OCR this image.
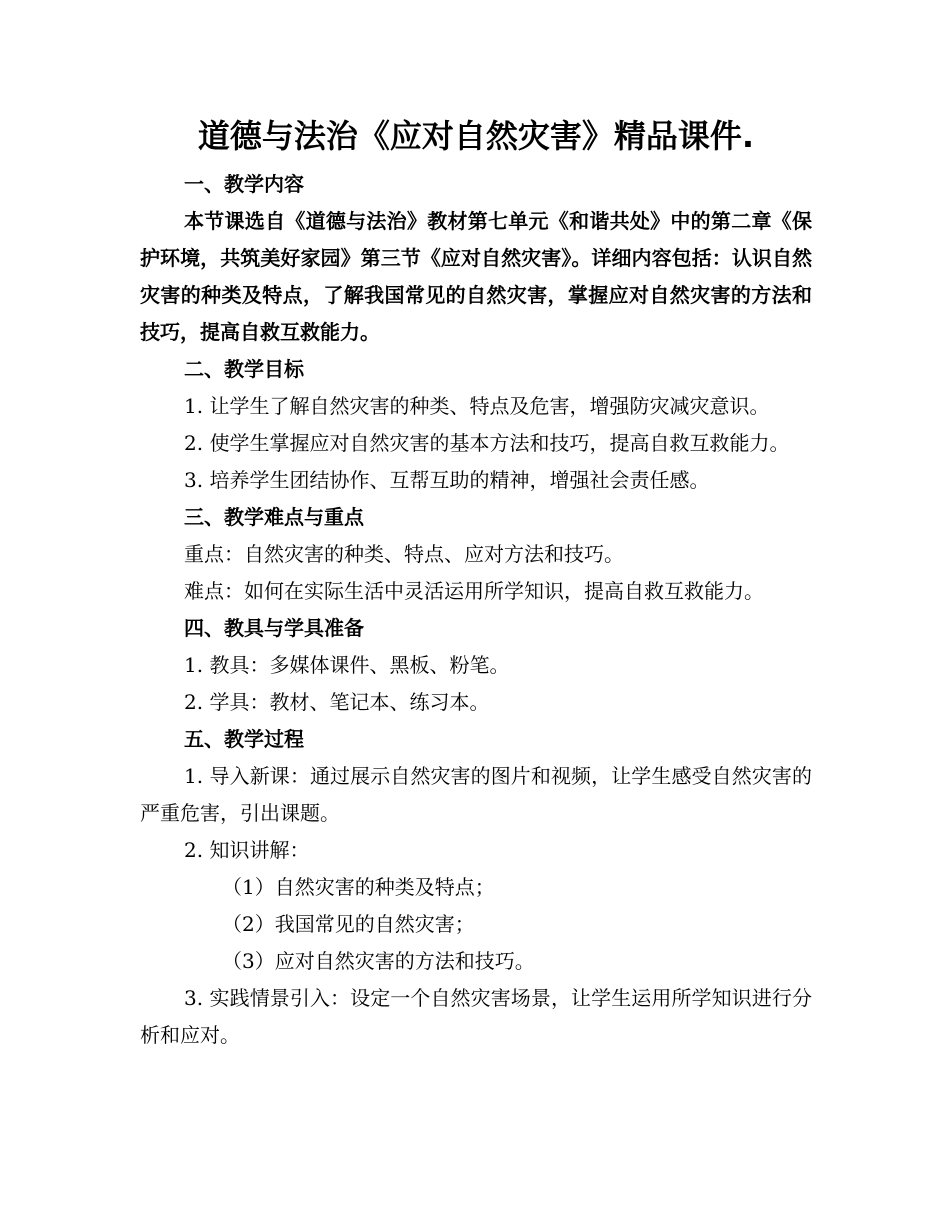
道德与法治《应对自然灾害》精品课件.

一、教学内容

本节课选自《道德与法治》教材第七单元《和谐共处》中的第二章《保护环境，共筑美好家园》第三节《应对自然灾害》。详细内容包括：认识自然灾害的种类及特点，了解我国常见的自然灾害，掌握应对自然灾害的方法和技巧，提高自救互救能力。

二、教学目标

1. 让学生了解自然灾害的种类、特点及危害，增强防灾减灾意识。

2. 使学生掌握应对自然灾害的基本方法和技巧，提高自救互救能力。

3. 培养学生团结协作、互帮互助的精神，增强社会责任感。

三、教学难点与重点

重点：自然灾害的种类、特点、应对方法和技巧。

难点：如何在实际生活中灵活运用所学知识，提高自救互救能力。

四、教具与学具准备

1. 教具：多媒体课件、黑板、粉笔。

2. 学具：教材、笔记本、练习本。

五、教学过程

1. 导入新课：通过展示自然灾害的图片和视频，让学生感受自然灾害的严重危害，引出课题。

2. 知识讲解：

（1）自然灾害的种类及特点；

（2）我国常见的自然灾害；

（3）应对自然灾害的方法和技巧。

3. 实践情景引入：设定一个自然灾害场景，让学生运用所学知识进行分析和应对。
